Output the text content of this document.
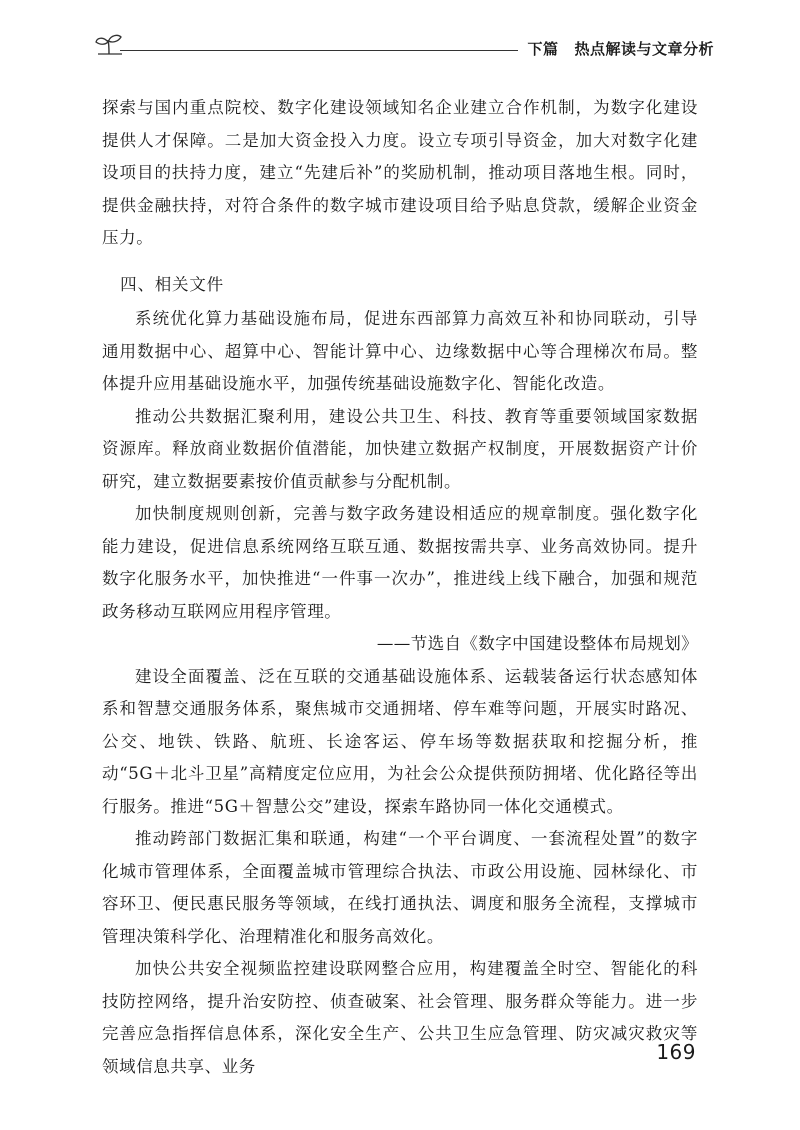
下篇 热点解读与文章分析

探索与国内重点院校、数字化建设领域知名企业建立合作机制，为数字化建设提供人才保障。二是加大资金投入力度。设立专项引导资金，加大对数字化建设项目的扶持力度，建立“先建后补”的奖励机制，推动项目落地生根。同时，提供金融扶持，对符合条件的数字城市建设项目给予贴息贷款，缓解企业资金压力。

四、相关文件

系统优化算力基础设施布局，促进东西部算力高效互补和协同联动，引导通用数据中心、超算中心、智能计算中心、边缘数据中心等合理梯次布局。整体提升应用基础设施水平，加强传统基础设施数字化、智能化改造。

推动公共数据汇聚利用，建设公共卫生、科技、教育等重要领域国家数据资源库。释放商业数据价值潜能，加快建立数据产权制度，开展数据资产计价研究，建立数据要素按价值贡献参与分配机制。

加快制度规则创新，完善与数字政务建设相适应的规章制度。强化数字化能力建设，促进信息系统网络互联互通、数据按需共享、业务高效协同。提升数字化服务水平，加快推进“一件事一次办”，推进线上线下融合，加强和规范政务移动互联网应用程序管理。

——节选自《数字中国建设整体布局规划》

建设全面覆盖、泛在互联的交通基础设施体系、运载装备运行状态感知体系和智慧交通服务体系，聚焦城市交通拥堵、停车难等问题，开展实时路况、公交、地铁、铁路、航班、长途客运、停车场等数据获取和挖掘分析，推动“5G＋北斗卫星”高精度定位应用，为社会公众提供预防拥堵、优化路径等出行服务。推进“5G＋智慧公交”建设，探索车路协同一体化交通模式。

推动跨部门数据汇集和联通，构建“一个平台调度、一套流程处置”的数字化城市管理体系，全面覆盖城市管理综合执法、市政公用设施、园林绿化、市容环卫、便民惠民服务等领域，在线打通执法、调度和服务全流程，支撑城市管理决策科学化、治理精准化和服务高效化。

加快公共安全视频监控建设联网整合应用，构建覆盖全时空、智能化的科技防控网络，提升治安防控、侦查破案、社会管理、服务群众等能力。进一步完善应急指挥信息体系，深化安全生产、公共卫生应急管理、防灾减灾救灾等领域信息共享、业务

169
